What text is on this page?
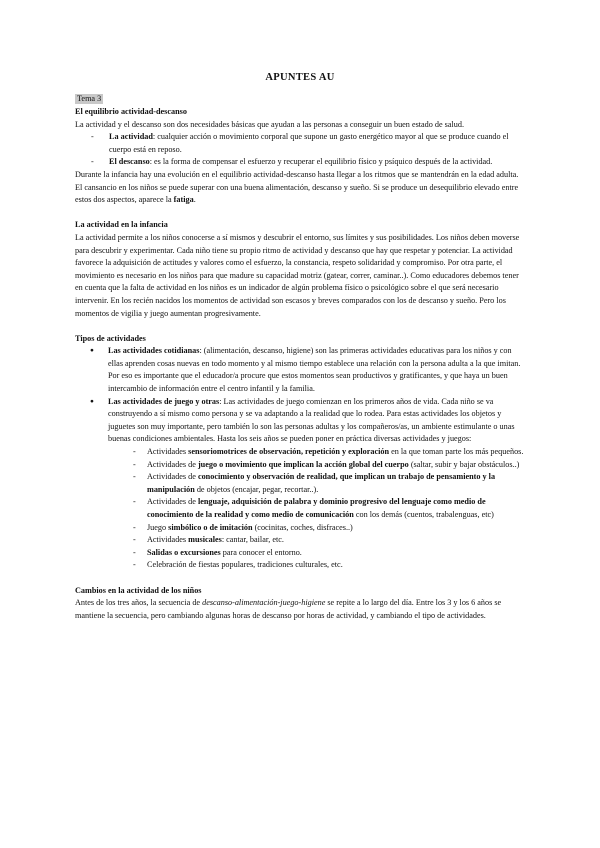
APUNTES AU
Tema 3
El equilibrio actividad-descanso

La actividad y el descanso son dos necesidades básicas que ayudan a las personas a conseguir un buen estado de salud.

- La actividad: cualquier acción o movimiento corporal que supone un gasto energético mayor al que se produce cuando el cuerpo está en reposo.
- El descanso: es la forma de compensar el esfuerzo y recuperar el equilibrio físico y psíquico después de la actividad.

Durante la infancia hay una evolución en el equilibrio actividad-descanso hasta llegar a los ritmos que se mantendrán en la edad adulta. El cansancio en los niños se puede superar con una buena alimentación, descanso y sueño. Si se produce un desequilibrio elevado entre estos dos aspectos, aparece la fatiga.

La actividad en la infancia

La actividad permite a los niños conocerse a sí mismos y descubrir el entorno, sus límites y sus posibilidades. Los niños deben moverse para descubrir y experimentar. Cada niño tiene su propio ritmo de actividad y descanso que hay que respetar y potenciar. La actividad favorece la adquisición de actitudes y valores como el esfuerzo, la constancia, respeto solidaridad y compromiso. Por otra parte, el movimiento es necesario en los niños para que madure su capacidad motriz (gatear, correr, caminar..). Como educadores debemos tener en cuenta que la falta de actividad en los niños es un indicador de algún problema físico o psicológico sobre el que será necesario intervenir. En los recién nacidos los momentos de actividad son escasos y breves comparados con los de descanso y sueño. Pero los momentos de vigilia y juego aumentan progresivamente.

Tipos de actividades
● Las actividades cotidianas: (alimentación, descanso, higiene) son las primeras actividades educativas para los niños y con ellas aprenden cosas nuevas en todo momento y al mismo tiempo establece una relación con la persona adulta a la que imitan. Por eso es importante que el educador/a procure que estos momentos sean productivos y gratificantes, y que haya un buen intercambio de información entre el centro infantil y la familia.
● Las actividades de juego y otras: Las actividades de juego comienzan en los primeros años de vida. Cada niño se va construyendo a sí mismo como persona y se va adaptando a la realidad que lo rodea. Para estas actividades los objetos y juguetes son muy importante, pero también lo son las personas adultas y los compañeros/as, un ambiente estimulante o unas buenas condiciones ambientales. Hasta los seis años se pueden poner en práctica diversas actividades y juegos:
- Actividades sensoriomotrices de observación, repetición y exploración en la que toman parte los más pequeños.
- Actividades de juego o movimiento que implican la acción global del cuerpo (saltar, subir y bajar obstáculos..)
- Actividades de conocimiento y observación de realidad, que implican un trabajo de pensamiento y la manipulación de objetos (encajar, pegar, recortar..).
- Actividades de lenguaje, adquisición de palabra y dominio progresivo del lenguaje como medio de conocimiento de la realidad y como medio de comunicación con los demás (cuentos, trabalenguas, etc)
- Juego simbólico o de imitación (cocinitas, coches, disfraces..)
- Actividades musicales: cantar, bailar, etc.
- Salidas o excursiones para conocer el entorno.
- Celebración de fiestas populares, tradiciones culturales, etc.
Cambios en la actividad de los niños

Antes de los tres años, la secuencia de descanso-alimentación-juego-higiene se repite a lo largo del día. Entre los 3 y los 6 años se mantiene la secuencia, pero cambiando algunas horas de descanso por horas de actividad, y cambiando el tipo de actividades.
